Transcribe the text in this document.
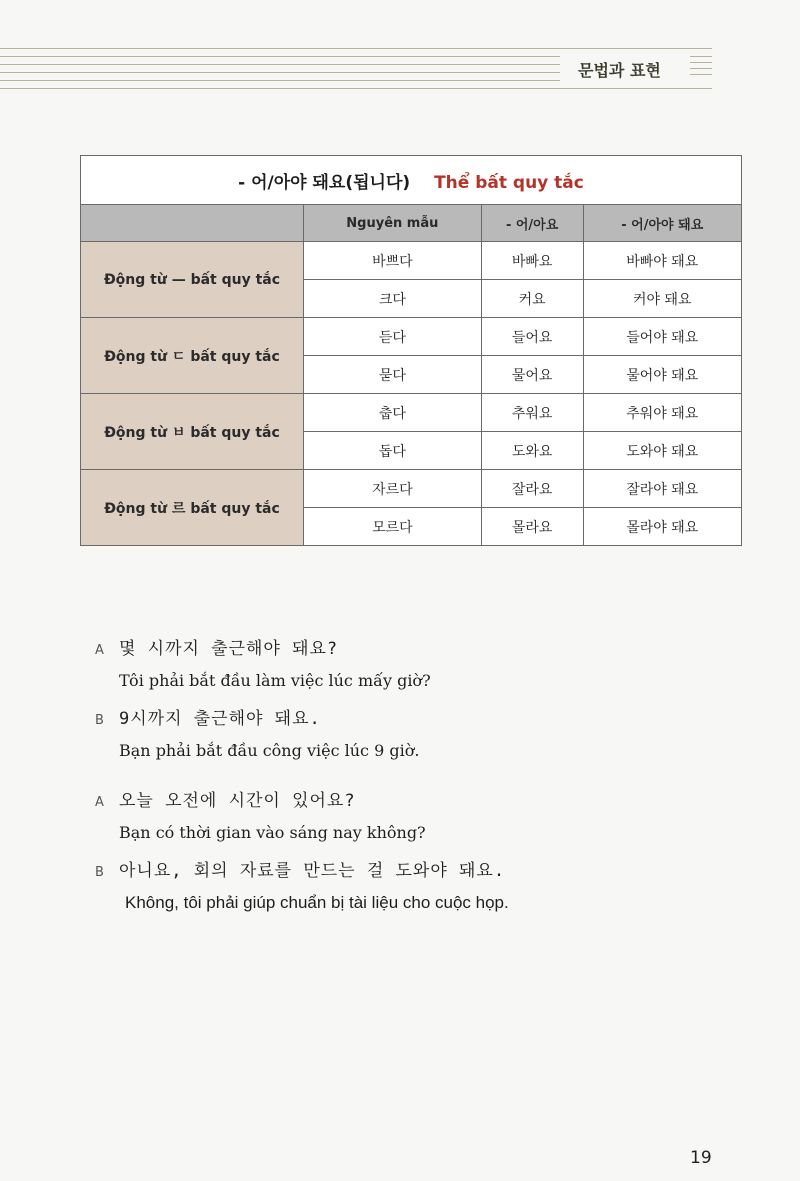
문법과 표현
- 어/아야 돼요(됩니다) Thể bất quy tắc			
	Nguyên mẫu	- 어/아요	- 어/아야 돼요
Động từ — bất quy tắc	바쁘다	바빠요	바빠야 돼요
	크다	커요	커야 돼요
Động từ ㄷ bất quy tắc	듣다	들어요	들어야 돼요
	묻다	물어요	물어야 돼요
Động từ ㅂ bất quy tắc	춥다	추워요	추워야 돼요
	돕다	도와요	도와야 돼요
Động từ 르 bất quy tắc	자르다	잘라요	잘라야 돼요
	모르다	몰라요	몰라야 돼요
A 몇 시까지 출근해야 돼요?
Tôi phải bắt đầu làm việc lúc mấy giờ?
B 9시까지 출근해야 돼요.
Bạn phải bắt đầu công việc lúc 9 giờ.
A 오늘 오전에 시간이 있어요?
Bạn có thời gian vào sáng nay không?
B 아니요, 회의 자료를 만드는 걸 도와야 돼요.
Không, tôi phải giúp chuẩn bị tài liệu cho cuộc họp.
19
